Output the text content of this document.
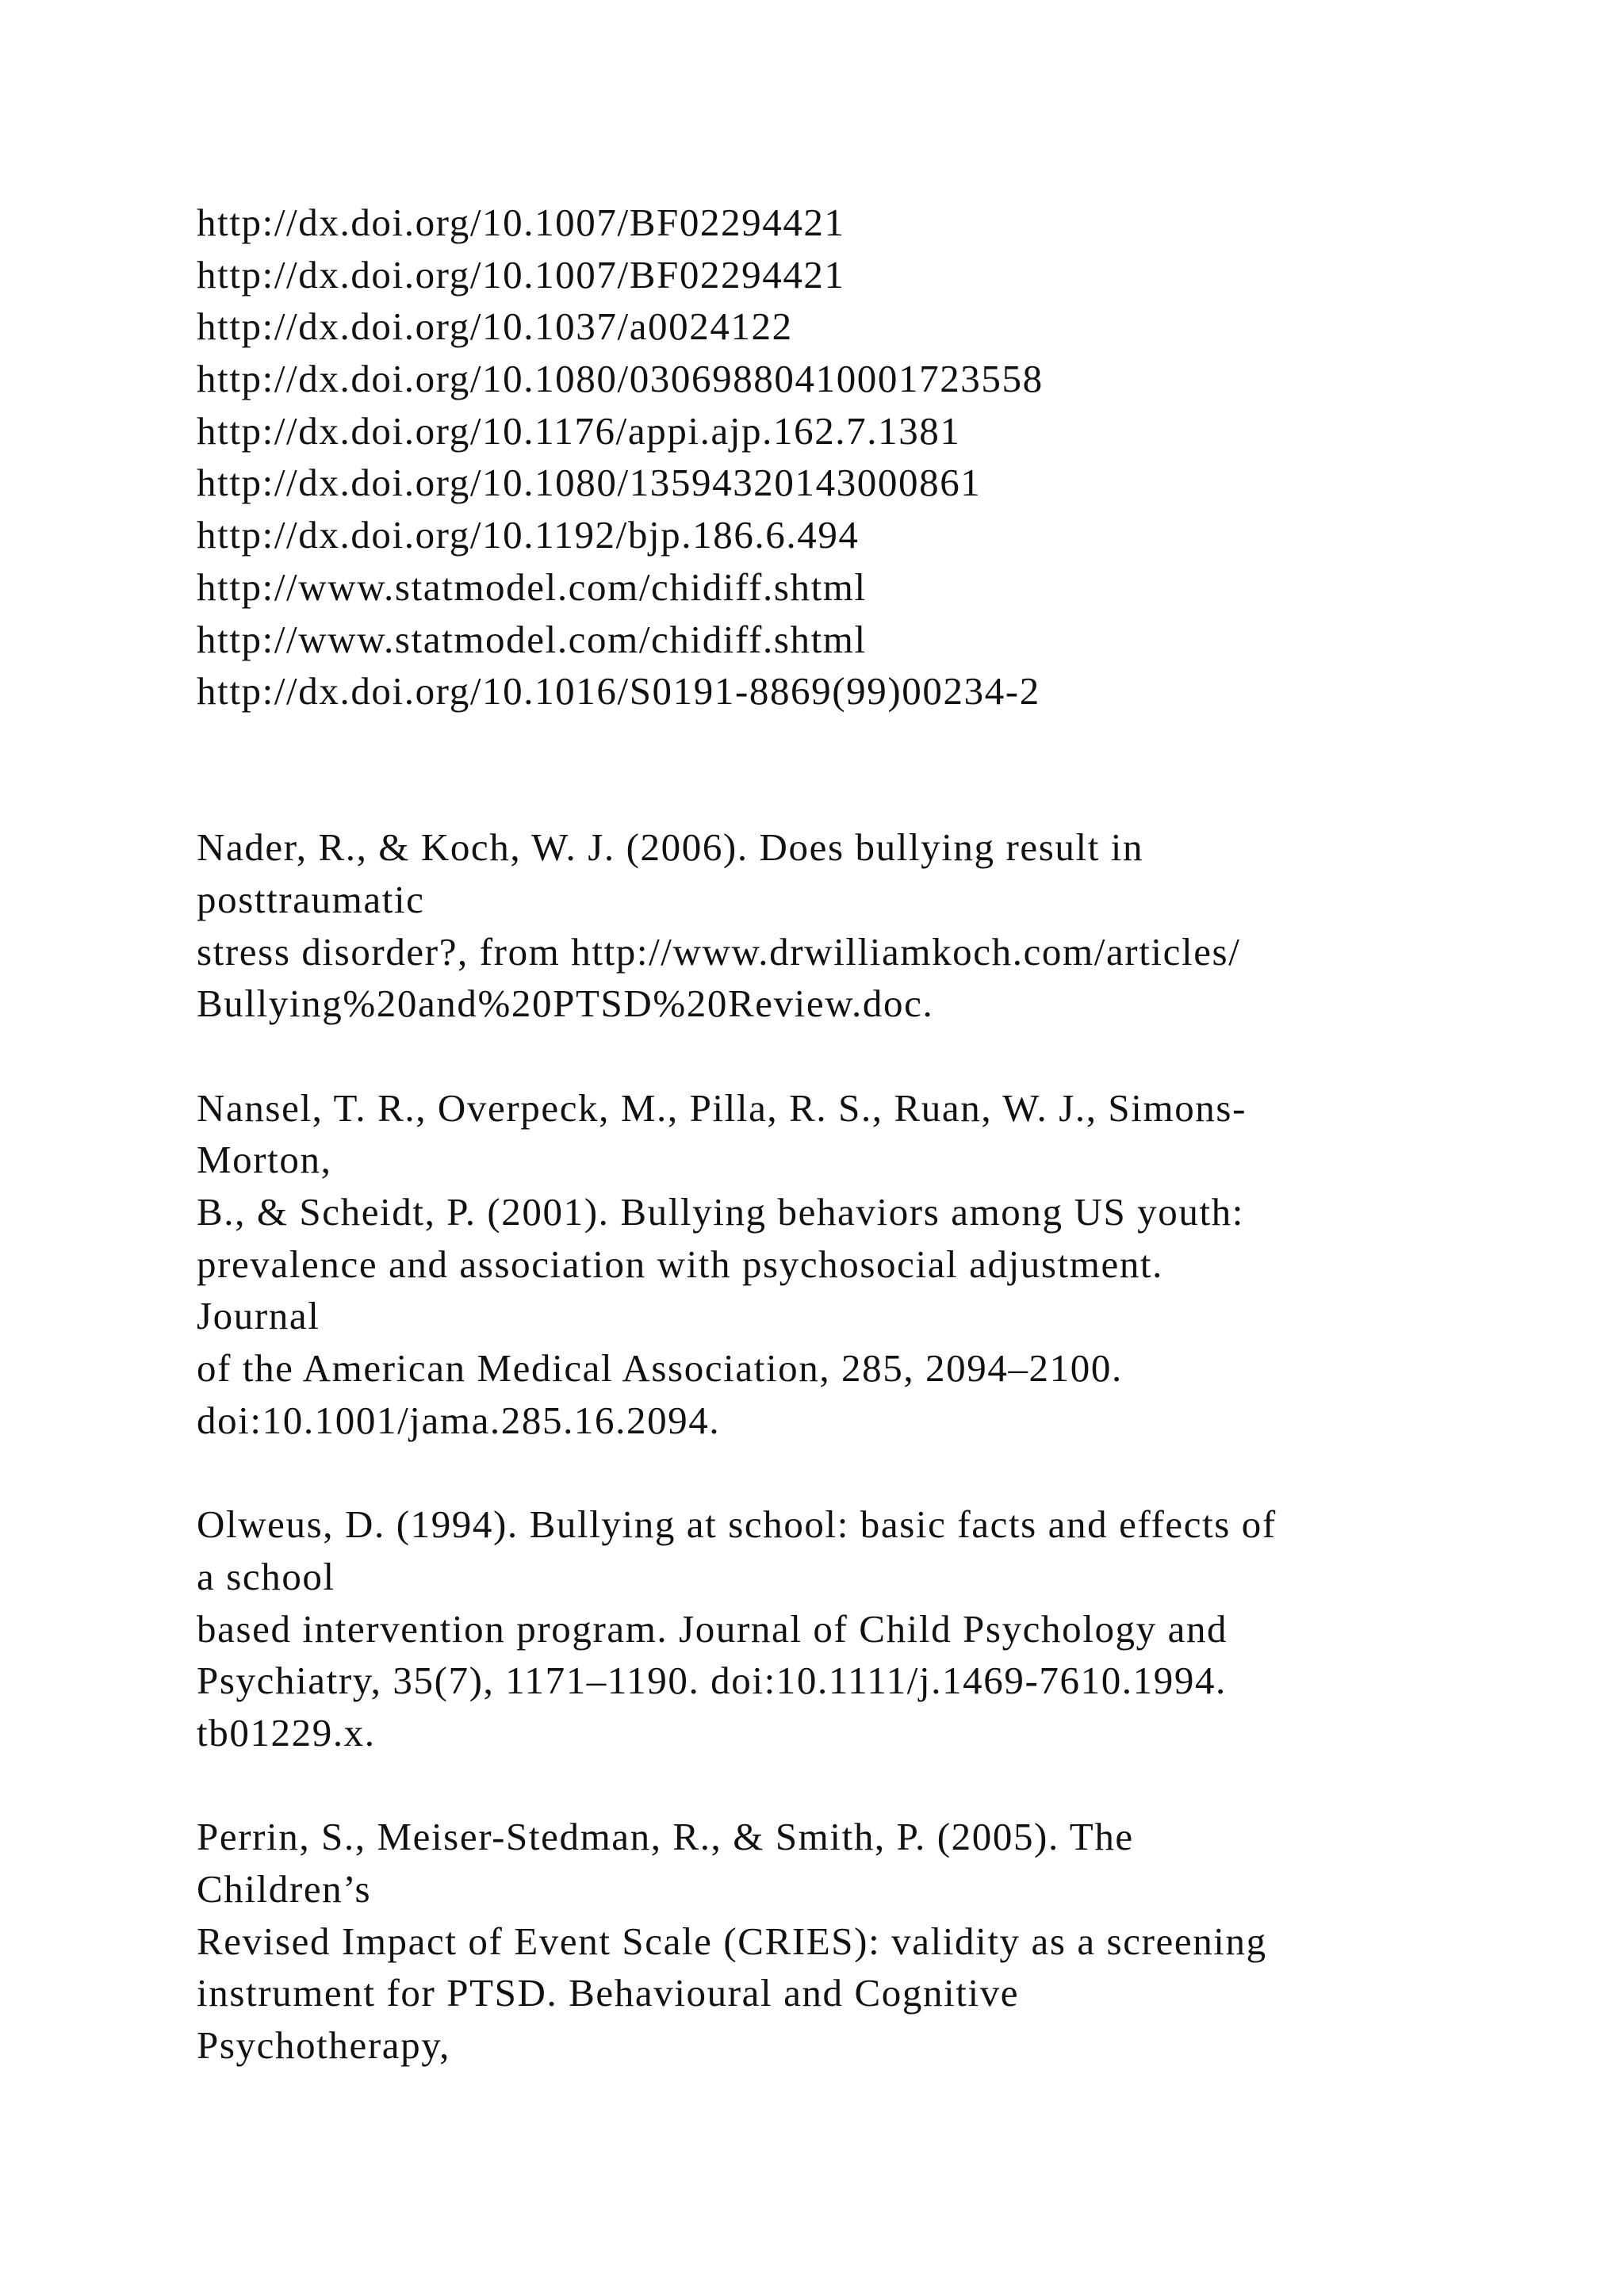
http://dx.doi.org/10.1007/BF02294421
http://dx.doi.org/10.1007/BF02294421
http://dx.doi.org/10.1037/a0024122
http://dx.doi.org/10.1080/03069880410001723558
http://dx.doi.org/10.1176/appi.ajp.162.7.1381
http://dx.doi.org/10.1080/13594320143000861
http://dx.doi.org/10.1192/bjp.186.6.494
http://www.statmodel.com/chidiff.shtml
http://www.statmodel.com/chidiff.shtml
http://dx.doi.org/10.1016/S0191-8869(99)00234-2
Nader, R., & Koch, W. J. (2006). Does bullying result in
posttraumatic
stress disorder?, from http://www.drwilliamkoch.com/articles/
Bullying%20and%20PTSD%20Review.doc.
Nansel, T. R., Overpeck, M., Pilla, R. S., Ruan, W. J., Simons-
Morton,
B., & Scheidt, P. (2001). Bullying behaviors among US youth:
prevalence and association with psychosocial adjustment.
Journal
of the American Medical Association, 285, 2094–2100.
doi:10.1001/jama.285.16.2094.
Olweus, D. (1994). Bullying at school: basic facts and effects of
a school
based intervention program. Journal of Child Psychology and
Psychiatry, 35(7), 1171–1190. doi:10.1111/j.1469-7610.1994.
tb01229.x.
Perrin, S., Meiser-Stedman, R., & Smith, P. (2005). The
Children’s
Revised Impact of Event Scale (CRIES): validity as a screening
instrument for PTSD. Behavioural and Cognitive
Psychotherapy,
